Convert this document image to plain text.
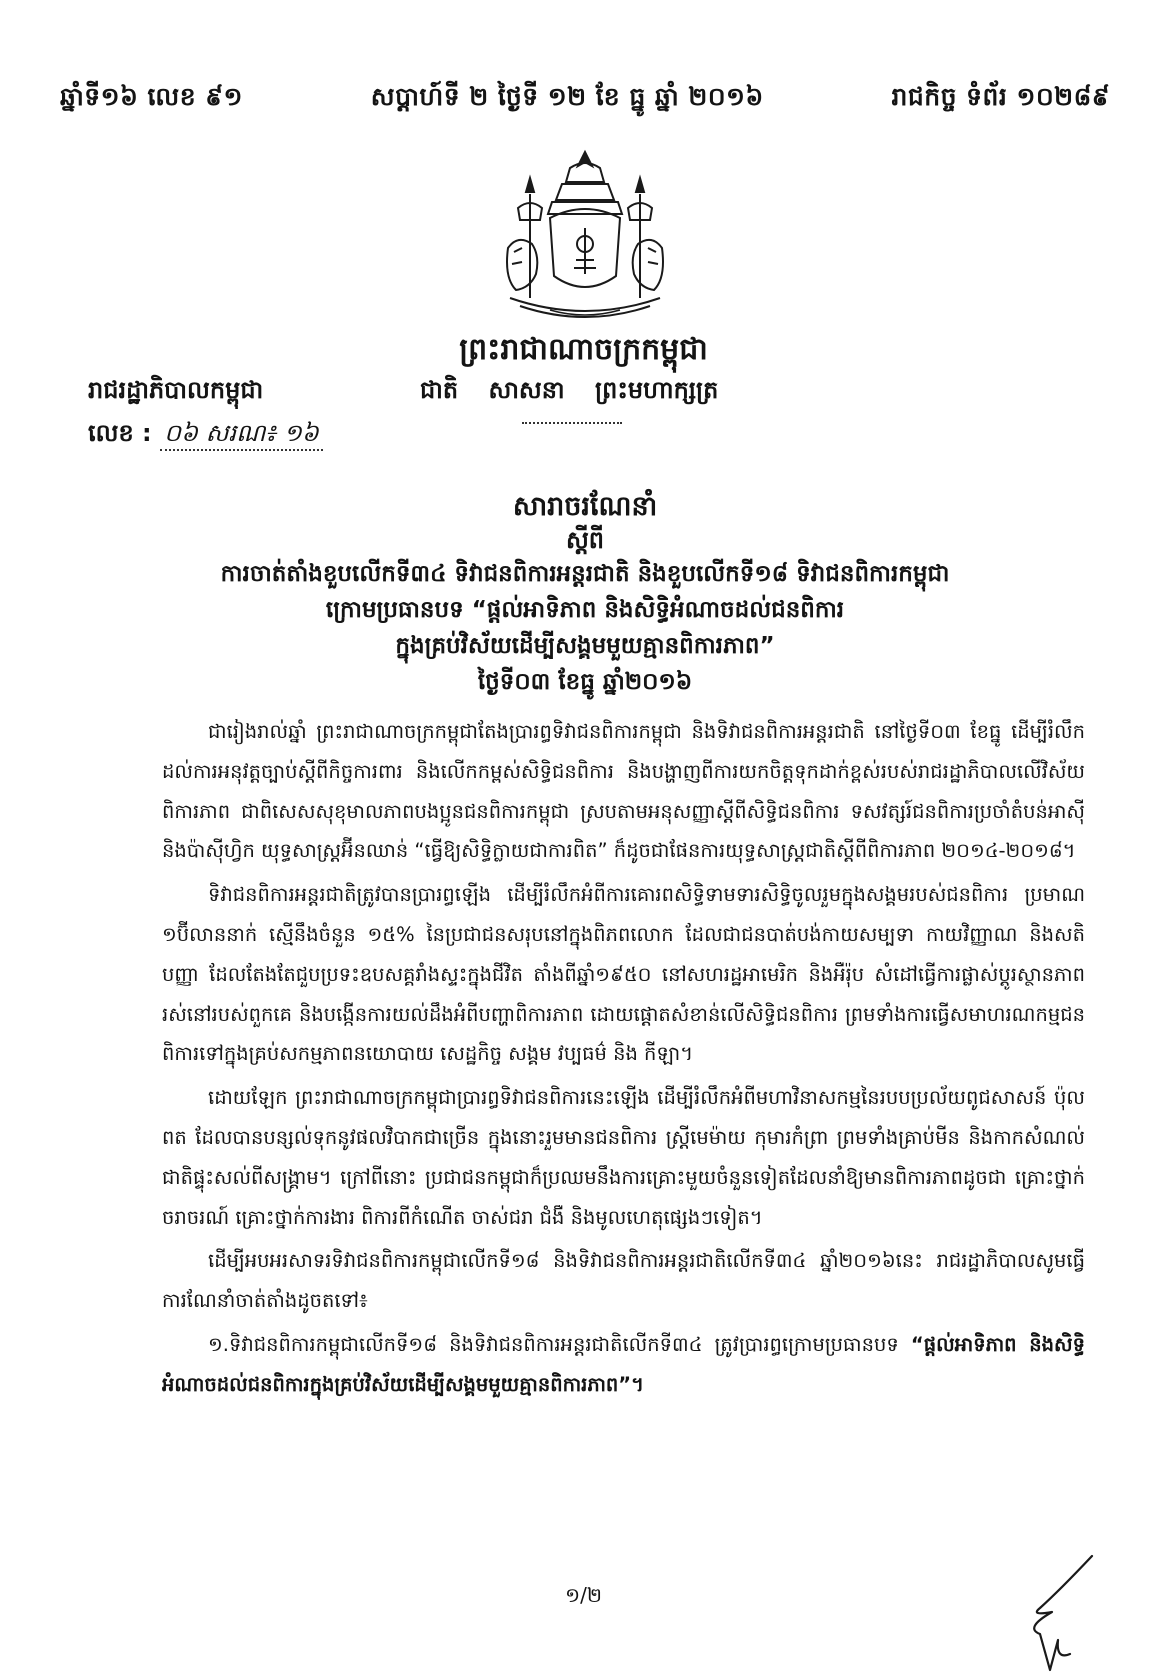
ឆ្នាំទី១៦ លេខ ៩១	សប្តាហ៍ទី ២ ថ្ងៃទី ១២ ខែ ធ្នូ ឆ្នាំ ២០១៦	រាជកិច្ច ទំព័រ ១០២៨៩
ព្រះរាជាណាចក្រកម្ពុជា
រាជរដ្ឋាភិបាលកម្ពុជា	ជាតិ សាសនា ព្រះមហាក្សត្រ
លេខ : ០៦ សរណ៖ ១៦
សារាចរណែនាំ
ស្តីពី
ការចាត់តាំងខួបលើកទី៣៤ ទិវាជនពិការអន្តរជាតិ និងខួបលើកទី១៨ ទិវាជនពិការកម្ពុជា
ក្រោមប្រធានបទ “ផ្តល់អាទិភាព និងសិទ្ធិអំណាចដល់ជនពិការ
ក្នុងគ្រប់វិស័យដើម្បីសង្គមមួយគ្មានពិការភាព”
ថ្ងៃទី០៣ ខែធ្នូ ឆ្នាំ២០១៦

ជារៀងរាល់ឆ្នាំ ព្រះរាជាណាចក្រកម្ពុជាតែងប្រារព្ធទិវាជនពិការកម្ពុជា និងទិវាជនពិការអន្តរជាតិ នៅថ្ងៃទី០៣ ខែធ្នូ ដើម្បីរំលឹកដល់ការអនុវត្តច្បាប់ស្តីពីកិច្ចការពារ និងលើកកម្ពស់សិទ្ធិជនពិការ និងបង្ហាញពីការយកចិត្តទុកដាក់ខ្ពស់របស់រាជរដ្ឋាភិបាលលើវិស័យពិការភាព ជាពិសេសសុខុមាលភាពបងប្អូនជនពិការកម្ពុជា ស្របតាមអនុសញ្ញាស្តីពីសិទ្ធិជនពិការ ទសវត្សរ៍ជនពិការប្រចាំតំបន់អាស៊ី និងប៉ាស៊ីហ្វិក យុទ្ធសាស្ត្រអ៊ីនឈាន់ “ធ្វើឱ្យសិទ្ធិក្លាយជាការពិត” ក៏ដូចជាផែនការយុទ្ធសាស្ត្រជាតិស្តីពីពិការភាព ២០១៤-២០១៨។

ទិវាជនពិការអន្តរជាតិត្រូវបានប្រារព្ធឡើង ដើម្បីរំលឹកអំពីការគោរពសិទ្ធិទាមទារសិទ្ធិចូលរួមក្នុងសង្គមរបស់ជនពិការ ប្រមាណ ១ប៊ីលាននាក់ ស្មើនឹងចំនួន ១៥% នៃប្រជាជនសរុបនៅក្នុងពិភពលោក ដែលជាជនបាត់បង់កាយសម្បទា កាយវិញ្ញាណ និងសតិបញ្ញា ដែលតែងតែជួបប្រទះឧបសគ្គរាំងស្ទះក្នុងជីវិត តាំងពីឆ្នាំ១៩៥០ នៅសហរដ្ឋអាមេរិក និងអឺរ៉ុប សំដៅធ្វើការផ្លាស់ប្តូរស្ថានភាពរស់នៅរបស់ពួកគេ និងបង្កើនការយល់ដឹងអំពីបញ្ហាពិការភាព ដោយផ្តោតសំខាន់លើសិទ្ធិជនពិការ ព្រមទាំងការធ្វើសមាហរណកម្មជនពិការទៅក្នុងគ្រប់សកម្មភាពនយោបាយ សេដ្ឋកិច្ច សង្គម វប្បធម៌ និង កីឡា។

ដោយឡែក ព្រះរាជាណាចក្រកម្ពុជាប្រារព្ធទិវាជនពិការនេះឡើង ដើម្បីរំលឹកអំពីមហាវិនាសកម្មនៃរបបប្រល័យពូជសាសន៍ ប៉ុល ពត ដែលបានបន្សល់ទុកនូវផលវិបាកជាច្រើន ក្នុងនោះរួមមានជនពិការ ស្ត្រីមេម៉ាយ កុមារកំព្រា ព្រមទាំងគ្រាប់មីន និងកាកសំណល់ជាតិផ្ទុះសល់ពីសង្គ្រាម។ ក្រៅពីនោះ ប្រជាជនកម្ពុជាក៏ប្រឈមនឹងការគ្រោះមួយចំនួនទៀតដែលនាំឱ្យមានពិការភាពដូចជា គ្រោះថ្នាក់ចរាចរណ៍ គ្រោះថ្នាក់ការងារ ពិការពីកំណើត ចាស់ជរា ជំងឺ និងមូលហេតុផ្សេងៗទៀត។

ដើម្បីអបអរសាទរទិវាជនពិការកម្ពុជាលើកទី១៨ និងទិវាជនពិការអន្តរជាតិលើកទី៣៤ ឆ្នាំ២០១៦នេះ រាជរដ្ឋាភិបាលសូមធ្វើការណែនាំចាត់តាំងដូចតទៅ៖

១.ទិវាជនពិការកម្ពុជាលើកទី១៨ និងទិវាជនពិការអន្តរជាតិលើកទី៣៤ ត្រូវប្រារព្ធក្រោមប្រធានបទ “ផ្តល់អាទិភាព និងសិទ្ធិអំណាចដល់ជនពិការក្នុងគ្រប់វិស័យដើម្បីសង្គមមួយគ្មានពិការភាព”។

១/២
